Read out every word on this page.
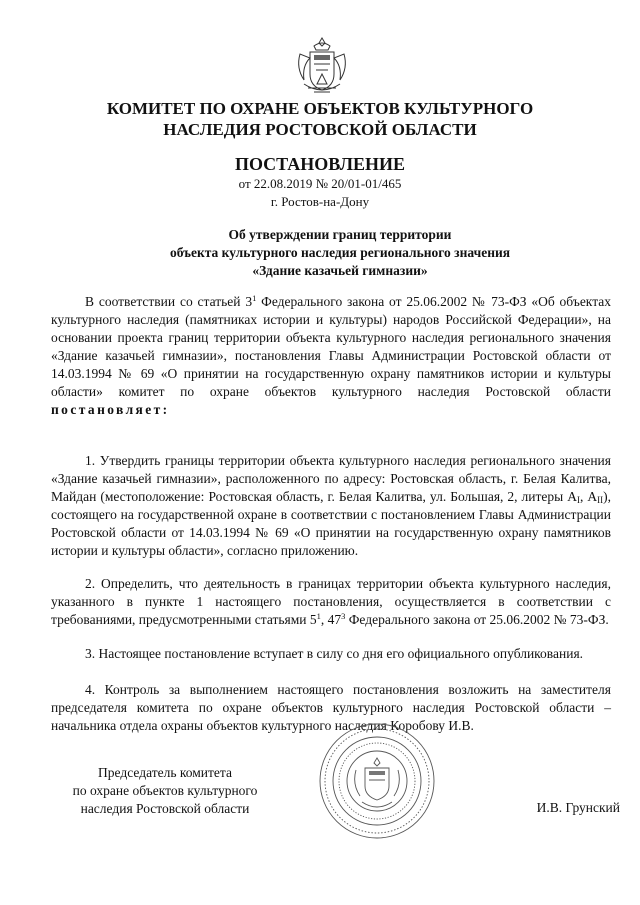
КОМИТЕТ ПО ОХРАНЕ ОБЪЕКТОВ КУЛЬТУРНОГО
НАСЛЕДИЯ РОСТОВСКОЙ ОБЛАСТИ
ПОСТАНОВЛЕНИЕ
от 22.08.2019 № 20/01-01/465
г. Ростов-на-Дону
Об утверждении границ территории
объекта культурного наследия регионального значения
«Здание казачьей гимназии»
В соответствии со статьей $3^1$ Федерального закона от 25.06.2002 № 73-ФЗ «Об объектах культурного наследия (памятниках истории и культуры) народов Российской Федерации», на основании проекта границ территории объекта культурного наследия регионального значения «Здание казачьей гимназии», постановления Главы Администрации Ростовской области от 14.03.1994 № 69 «О принятии на государственную охрану памятников истории и культуры области» комитет по охране объектов культурного наследия Ростовской области постановляет:
1. Утвердить границы территории объекта культурного наследия регионального значения «Здание казачьей гимназии», расположенного по адресу: Ростовская область, г. Белая Калитва, Майдан (местоположение: Ростовская область, г. Белая Калитва, ул. Большая, 2, литеры $А_I$, $А_{II}$), состоящего на государственной охране в соответствии с постановлением Главы Администрации Ростовской области от 14.03.1994 № 69 «О принятии на государственную охрану памятников истории и культуры области», согласно приложению.
2. Определить, что деятельность в границах территории объекта культурного наследия, указанного в пункте 1 настоящего постановления, осуществляется в соответствии с требованиями, предусмотренными статьями $5^1$, $47^3$ Федерального закона от 25.06.2002 № 73-ФЗ.
3. Настоящее постановление вступает в силу со дня его официального опубликования.
4. Контроль за выполнением настоящего постановления возложить на заместителя председателя комитета по охране объектов культурного наследия Ростовской области – начальника отдела охраны объектов культурного наследия Коробову И.В.
Председатель комитета
по охране объектов культурного
наследия Ростовской области	И.В. Грунский
